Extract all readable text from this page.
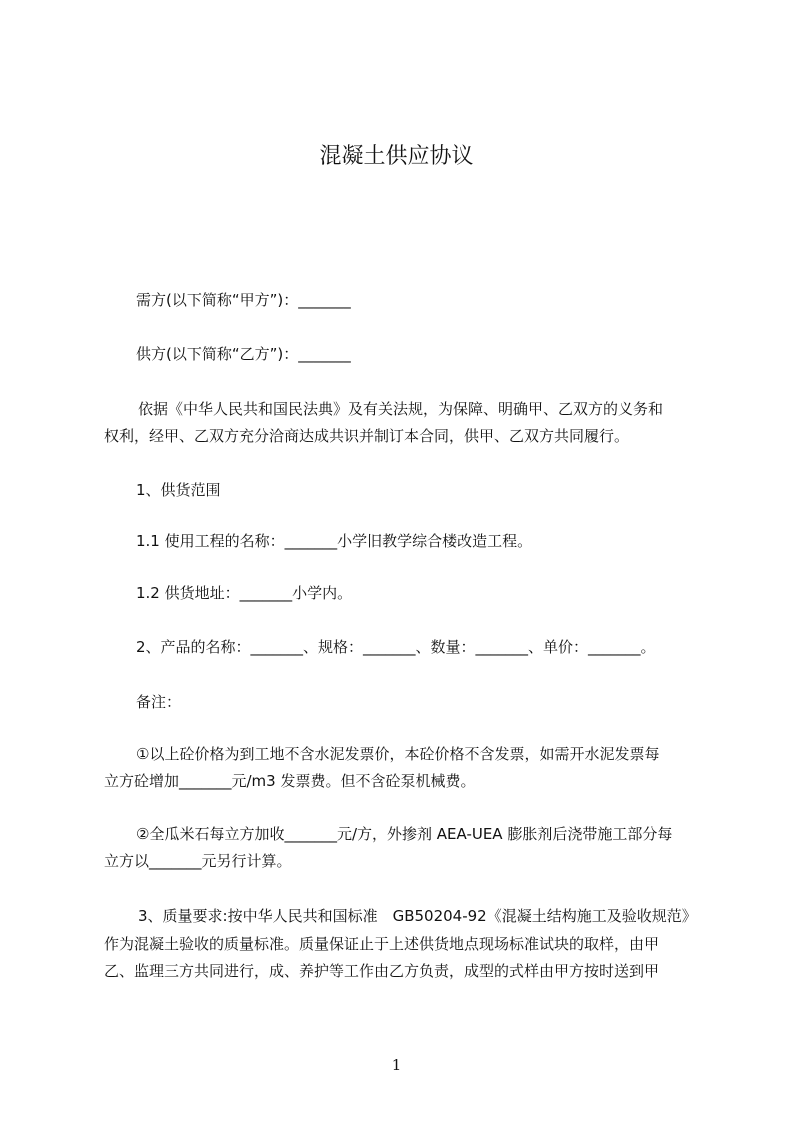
混凝土供应协议
需方(以下简称“甲方”)：_______
供方(以下简称“乙方”)：_______
依据《中华人民共和国民法典》及有关法规，为保障、明确甲、乙双方的义务和
权利，经甲、乙双方充分洽商达成共识并制订本合同，供甲、乙双方共同履行。
1、供货范围
1.1 使用工程的名称：_______小学旧教学综合楼改造工程。
1.2 供货地址：_______小学内。
2、产品的名称：_______、规格：_______、数量：_______、单价：_______。
备注：
①以上砼价格为到工地不含水泥发票价，本砼价格不含发票，如需开水泥发票每
立方砼增加_______元/m3 发票费。但不含砼泵机械费。
②全瓜米石每立方加收_______元/方，外掺剂 AEA-UEA 膨胀剂后浇带施工部分每
立方以_______元另行计算。
3、质量要求:按中华人民共和国标准　GB50204-92《混凝土结构施工及验收规范》
作为混凝土验收的质量标准。质量保证止于上述供货地点现场标准试块的取样，由甲
乙、监理三方共同进行，成、养护等工作由乙方负责，成型的式样由甲方按时送到甲
1
